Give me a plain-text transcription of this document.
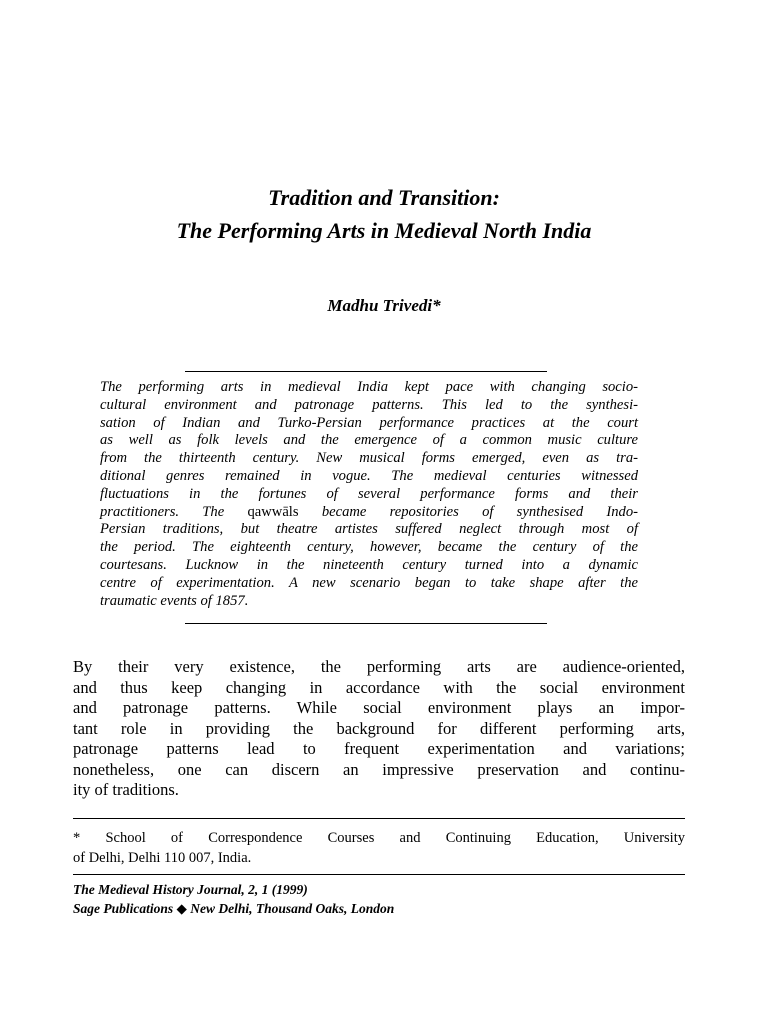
Tradition and Transition:
The Performing Arts in Medieval North India
Madhu Trivedi*
The performing arts in medieval India kept pace with changing socio-
cultural environment and patronage patterns. This led to the synthesi-
sation of Indian and Turko-Persian performance practices at the court
as well as folk levels and the emergence of a common music culture
from the thirteenth century. New musical forms emerged, even as tra-
ditional genres remained in vogue. The medieval centuries witnessed
fluctuations in the fortunes of several performance forms and their
practitioners. The qawwāls became repositories of synthesised Indo-
Persian traditions, but theatre artistes suffered neglect through most of
the period. The eighteenth century, however, became the century of the
courtesans. Lucknow in the nineteenth century turned into a dynamic
centre of experimentation. A new scenario began to take shape after the
traumatic events of 1857.
By their very existence, the performing arts are audience-oriented,
and thus keep changing in accordance with the social environment
and patronage patterns. While social environment plays an impor-
tant role in providing the background for different performing arts,
patronage patterns lead to frequent experimentation and variations;
nonetheless, one can discern an impressive preservation and continu-
ity of traditions.
* School of Correspondence Courses and Continuing Education, University
of Delhi, Delhi 110 007, India.
The Medieval History Journal, 2, 1 (1999)
Sage Publications ◆ New Delhi, Thousand Oaks, London
